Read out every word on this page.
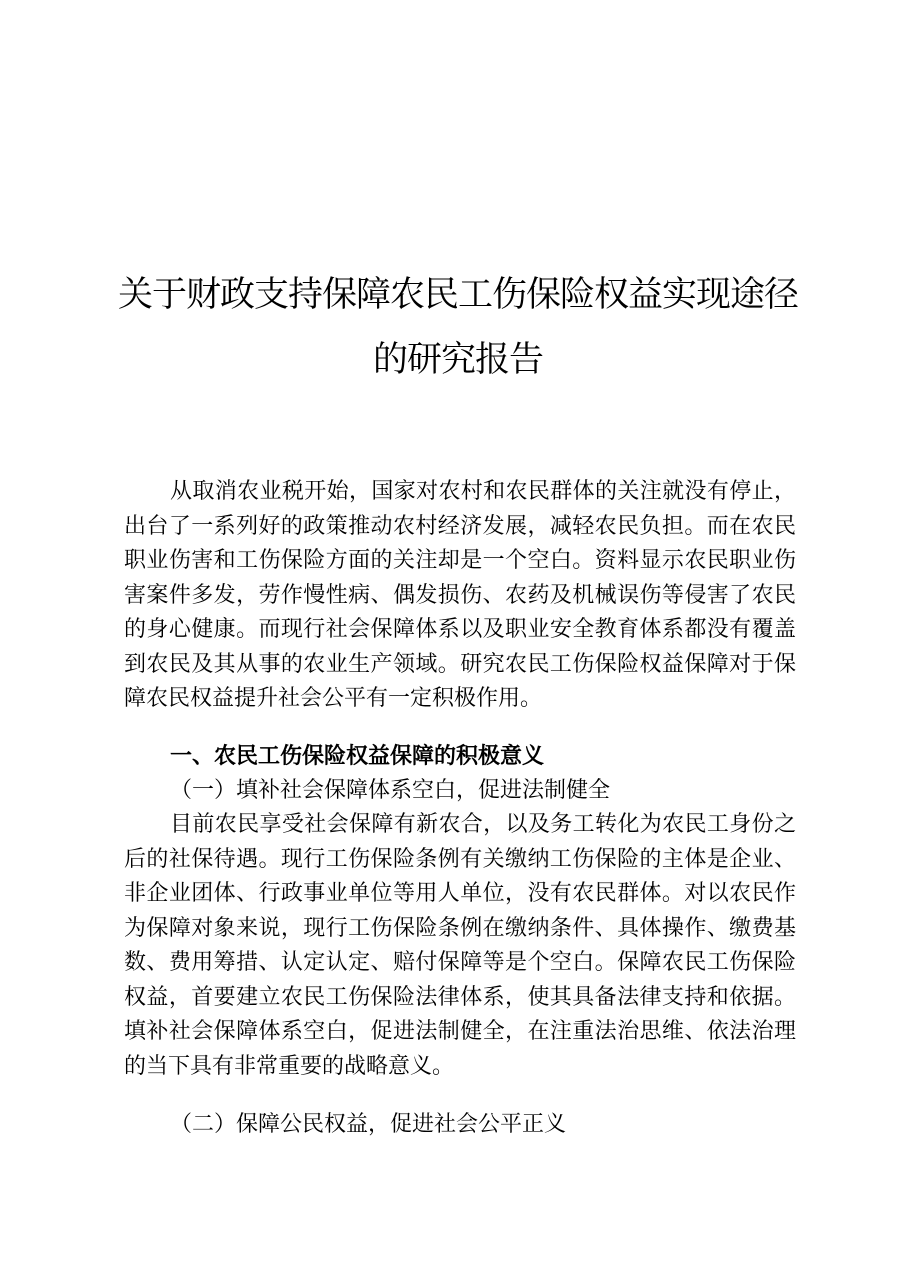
关于财政支持保障农民工伤保险权益实现途径
的研究报告

从取消农业税开始，国家对农村和农民群体的关注就没有停止，出台了一系列好的政策推动农村经济发展，减轻农民负担。而在农民职业伤害和工伤保险方面的关注却是一个空白。资料显示农民职业伤害案件多发，劳作慢性病、偶发损伤、农药及机械误伤等侵害了农民的身心健康。而现行社会保障体系以及职业安全教育体系都没有覆盖到农民及其从事的农业生产领域。研究农民工伤保险权益保障对于保障农民权益提升社会公平有一定积极作用。

一、农民工伤保险权益保障的积极意义

（一）填补社会保障体系空白，促进法制健全

目前农民享受社会保障有新农合，以及务工转化为农民工身份之后的社保待遇。现行工伤保险条例有关缴纳工伤保险的主体是企业、非企业团体、行政事业单位等用人单位，没有农民群体。对以农民作为保障对象来说，现行工伤保险条例在缴纳条件、具体操作、缴费基数、费用筹措、认定认定、赔付保障等是个空白。保障农民工伤保险权益，首要建立农民工伤保险法律体系，使其具备法律支持和依据。填补社会保障体系空白，促进法制健全，在注重法治思维、依法治理的当下具有非常重要的战略意义。

（二）保障公民权益，促进社会公平正义
